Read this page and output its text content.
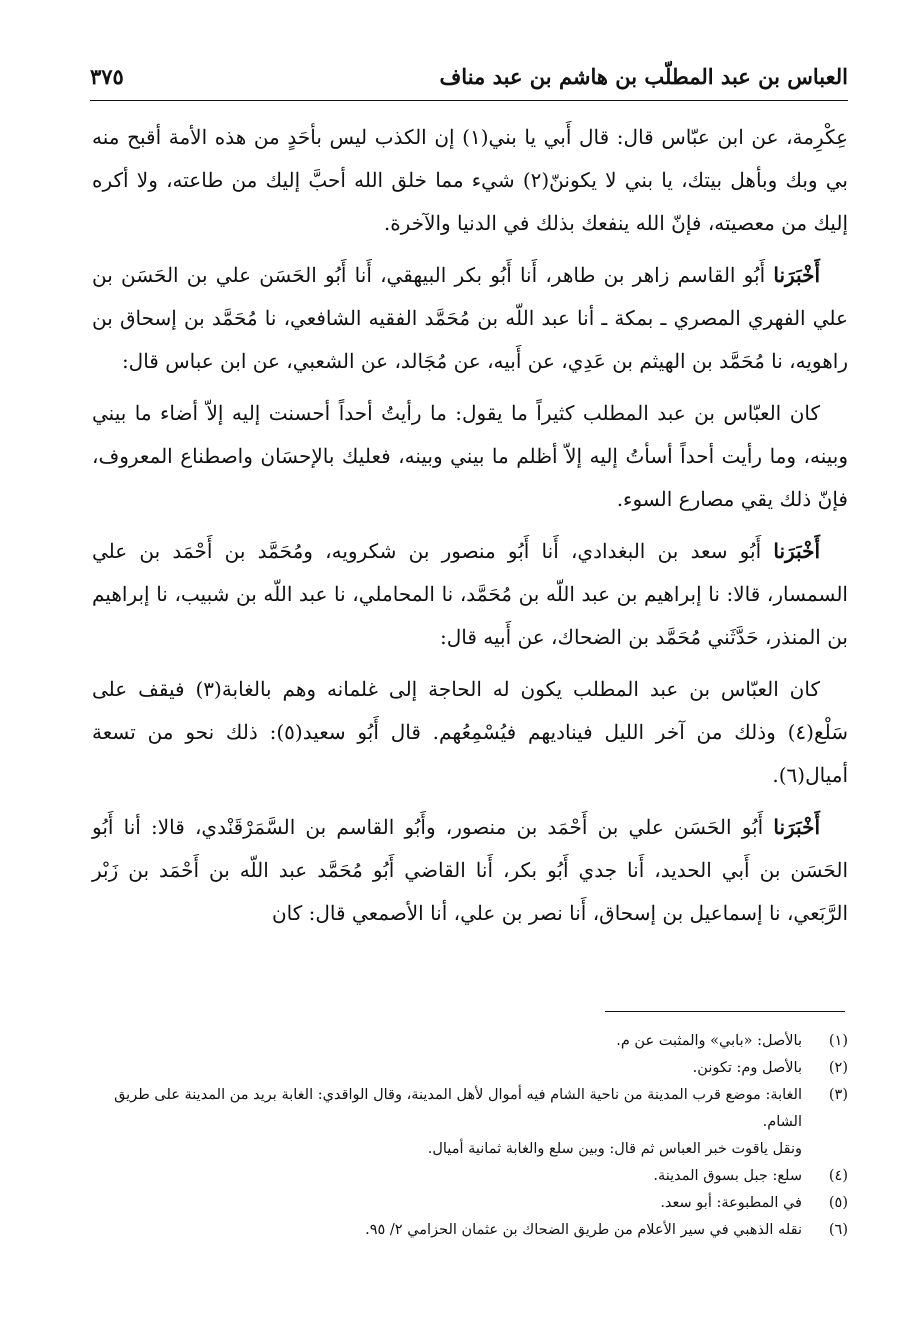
العباس بن عبد المطلّب بن هاشم بن عبد مناف
٣٧٥

عِكْرِمة، عن ابن عبّاس قال: قال أَبي يا بني(١) إن الكذب ليس بأحَدٍ من هذه الأمة أقبح منه بي وبك وبأهل بيتك، يا بني لا يكوننّ(٢) شيء مما خلق الله أحبَّ إليك من طاعته، ولا أكره إليك من معصيته، فإنّ الله ينفعك بذلك في الدنيا والآخرة.

أَخْبَرَنا أَبُو القاسم زاهر بن طاهر، أَنا أَبُو بكر البيهقي، أَنا أَبُو الحَسَن علي بن الحَسَن بن علي الفهري المصري ـ بمكة ـ أنا عبد اللّه بن مُحَمَّد الفقيه الشافعي، نا مُحَمَّد بن إسحاق بن راهويه، نا مُحَمَّد بن الهيثم بن عَدِي، عن أَبيه، عن مُجَالد، عن الشعبي، عن ابن عباس قال:

كان العبّاس بن عبد المطلب كثيراً ما يقول: ما رأيتُ أحداً أحسنت إليه إلاّ أضاء ما بيني وبينه، وما رأيت أحداً أسأتُ إليه إلاّ أظلم ما بيني وبينه، فعليك بالإحسَان واصطناع المعروف، فإنّ ذلك يقي مصارع السوء.

أَخْبَرَنا أَبُو سعد بن البغدادي، أَنا أَبُو منصور بن شكرويه، ومُحَمَّد بن أَحْمَد بن علي السمسار، قالا: نا إبراهيم بن عبد اللّه بن مُحَمَّد، نا المحاملي، نا عبد اللّه بن شبيب، نا إبراهيم بن المنذر، حَدَّثَني مُحَمَّد بن الضحاك، عن أَبيه قال:

كان العبّاس بن عبد المطلب يكون له الحاجة إلى غلمانه وهم بالغابة(٣) فيقف على سَلْع(٤) وذلك من آخر الليل فيناديهم فيُسْمِعُهم. قال أَبُو سعيد(٥): ذلك نحو من تسعة أميال(٦).

أَخْبَرَنا أَبُو الحَسَن علي بن أَحْمَد بن منصور، وأَبُو القاسم بن السَّمَرْقَنْدي، قالا: أنا أَبُو الحَسَن بن أَبي الحديد، أَنا جدي أَبُو بكر، أَنا القاضي أَبُو مُحَمَّد عبد اللّه بن أَحْمَد بن زَبْر الرَّبَعي، نا إسماعيل بن إسحاق، أَنا نصر بن علي، أنا الأصمعي قال: كان

(١)
بالأصل: «بابي» والمثبت عن م.
(٢)
بالأصل وم: تكونن.
(٣)
الغابة: موضع قرب المدينة من ناحية الشام فيه أموال لأهل المدينة، وقال الواقدي: الغابة بريد من المدينة على طريق الشام.
ونقل ياقوت خبر العباس ثم قال: وبين سلع والغابة ثمانية أميال.
(٤)
سلع: جبل بسوق المدينة.
(٥)
في المطبوعة: أبو سعد.
(٦)
نقله الذهبي في سير الأعلام من طريق الضحاك بن عثمان الحزامي ٢/ ٩٥.
